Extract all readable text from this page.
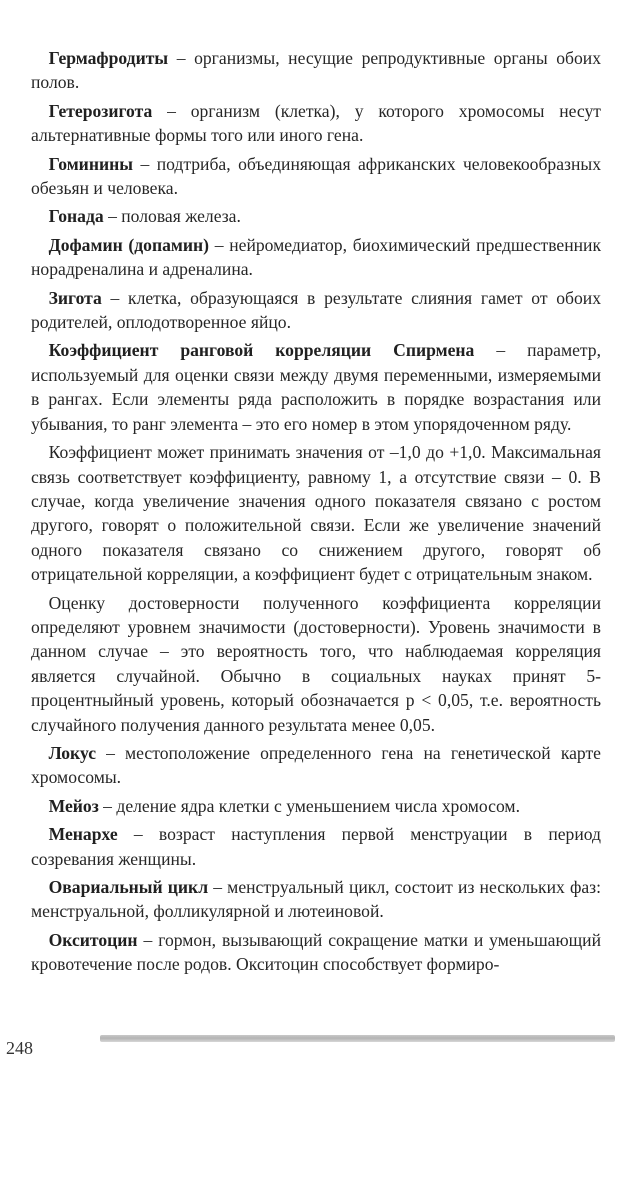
 Гермафродиты – организмы, несущие репродуктивные органы обоих полов.

 Гетерозигота – организм (клетка), у которого хромосомы несут альтернативные формы того или иного гена.

 Гоминины – подтриба, объединяющая африканских человекообразных обезьян и человека.

 Гонада – половая железа.

 Дофамин (допамин) – нейромедиатор, биохимический предшественник норадреналина и адреналина.

 Зигота – клетка, образующаяся в результате слияния гамет от обоих родителей, оплодотворенное яйцо.

 Коэффициент ранговой корреляции Спирмена – параметр, используемый для оценки связи между двумя переменными, измеряемыми в рангах. Если элементы ряда расположить в порядке возрастания или убывания, то ранг элемента – это его номер в этом упорядоченном ряду.

 Коэффициент может принимать значения от –1,0 до +1,0. Максимальная связь соответствует коэффициенту, равному 1, а отсутствие связи – 0. В случае, когда увеличение значения одного показателя связано с ростом другого, говорят о положительной связи. Если же увеличение значений одного показателя связано со снижением другого, говорят об отрицательной корреляции, а коэффициент будет с отрицательным знаком.

 Оценку достоверности полученного коэффициента корреляции определяют уровнем значимости (достоверности). Уровень значимости в данном случае – это вероятность того, что наблюдаемая корреляция является случайной. Обычно в социальных науках принят 5-процентныйный уровень, который обозначается p < 0,05, т.е. вероятность случайного получения данного результата менее 0,05.

 Локус – местоположение определенного гена на генетической карте хромосомы.

 Мейоз – деление ядра клетки с уменьшением числа хромосом.

 Менархе – возраст наступления первой менструации в период созревания женщины.

 Овариальный цикл – менструальный цикл, состоит из нескольких фаз: менструальной, фолликулярной и лютеиновой.

 Окситоцин – гормон, вызывающий сокращение матки и уменьшающий кровотечение после родов. Окситоцин способствует формиро-

248
